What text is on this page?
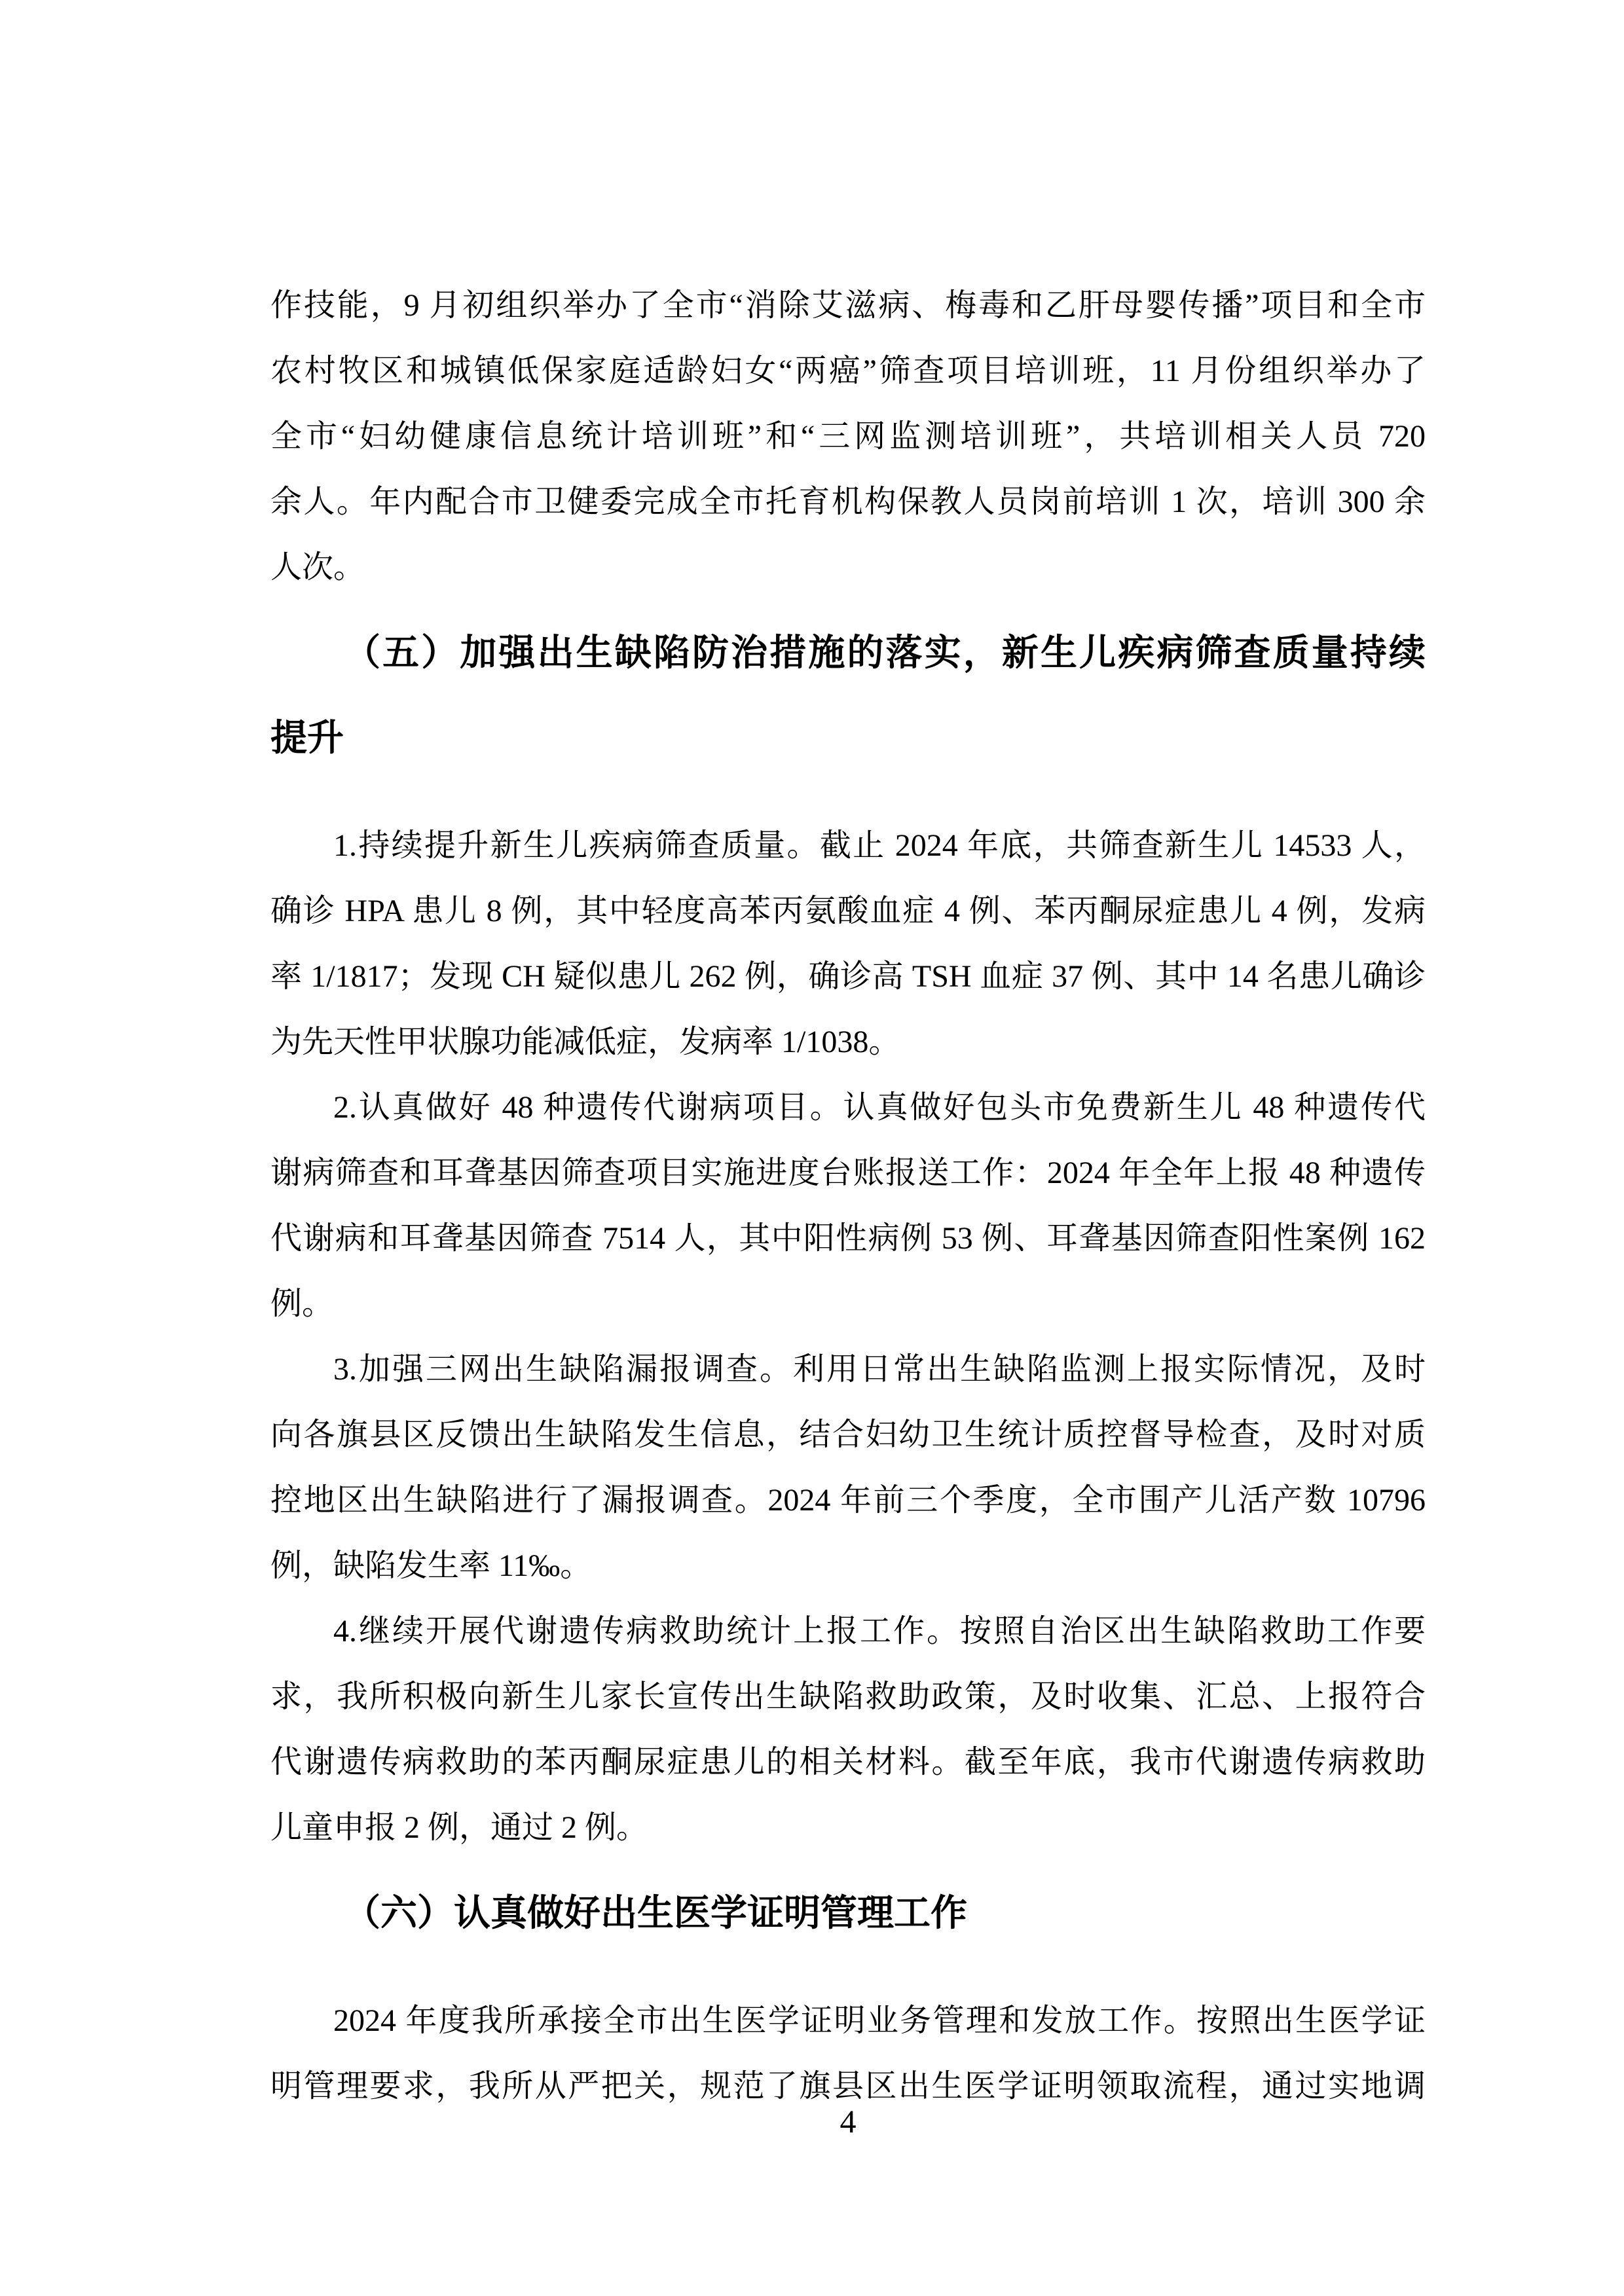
作技能，9 月初组织举办了全市“消除艾滋病、梅毒和乙肝母婴传播”项目和全市
农村牧区和城镇低保家庭适龄妇女“两癌”筛查项目培训班，11 月份组织举办了
全市“妇幼健康信息统计培训班”和“三网监测培训班”，共培训相关人员 720
余人。年内配合市卫健委完成全市托育机构保教人员岗前培训 1 次，培训 300 余
人次。
（五）加强出生缺陷防治措施的落实，新生儿疾病筛查质量持续
提升
1.持续提升新生儿疾病筛查质量。截止 2024 年底，共筛查新生儿 14533 人，
确诊 HPA 患儿 8 例，其中轻度高苯丙氨酸血症 4 例、苯丙酮尿症患儿 4 例，发病
率 1/1817；发现 CH 疑似患儿 262 例，确诊高 TSH 血症 37 例、其中 14 名患儿确诊
为先天性甲状腺功能减低症，发病率 1/1038。
2.认真做好 48 种遗传代谢病项目。认真做好包头市免费新生儿 48 种遗传代
谢病筛查和耳聋基因筛查项目实施进度台账报送工作：2024 年全年上报 48 种遗传
代谢病和耳聋基因筛查 7514 人，其中阳性病例 53 例、耳聋基因筛查阳性案例 162
例。
3.加强三网出生缺陷漏报调查。利用日常出生缺陷监测上报实际情况，及时
向各旗县区反馈出生缺陷发生信息，结合妇幼卫生统计质控督导检查，及时对质
控地区出生缺陷进行了漏报调查。2024 年前三个季度，全市围产儿活产数 10796
例，缺陷发生率 11‰。
4.继续开展代谢遗传病救助统计上报工作。按照自治区出生缺陷救助工作要
求，我所积极向新生儿家长宣传出生缺陷救助政策，及时收集、汇总、上报符合
代谢遗传病救助的苯丙酮尿症患儿的相关材料。截至年底，我市代谢遗传病救助
儿童申报 2 例，通过 2 例。
（六）认真做好出生医学证明管理工作
2024 年度我所承接全市出生医学证明业务管理和发放工作。按照出生医学证
明管理要求，我所从严把关，规范了旗县区出生医学证明领取流程，通过实地调
4
